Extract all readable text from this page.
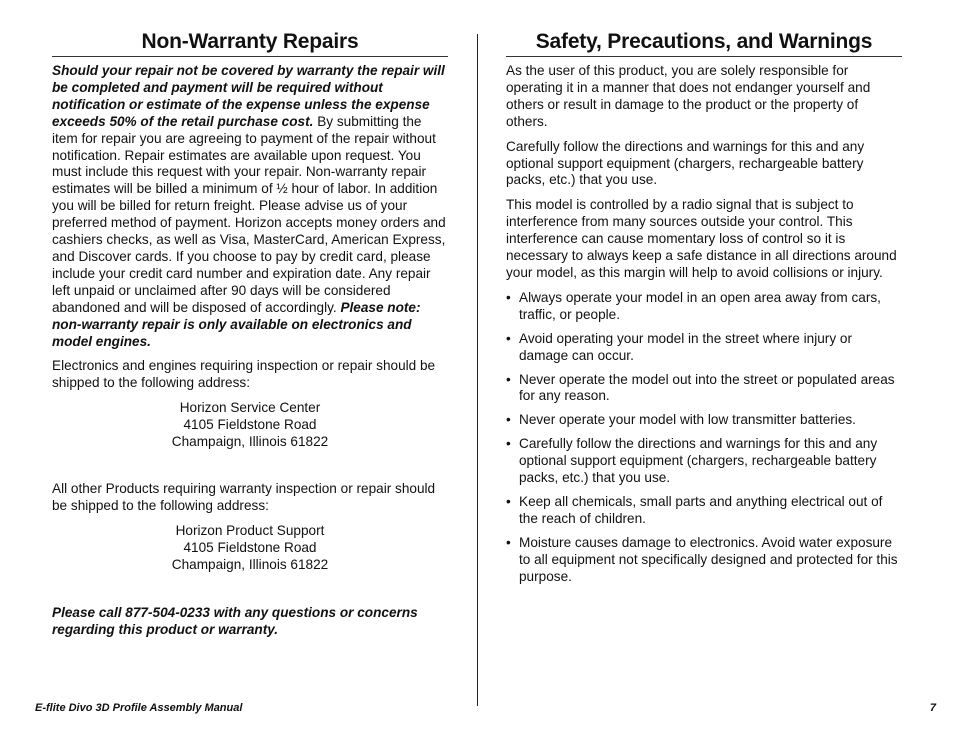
Non-Warranty Repairs

Should your repair not be covered by warranty the repair will be completed and payment will be required without notification or estimate of the expense unless the expense exceeds 50% of the retail purchase cost. By submitting the item for repair you are agreeing to payment of the repair without notification. Repair estimates are available upon request. You must include this request with your repair. Non-warranty repair estimates will be billed a minimum of ½ hour of labor. In addition you will be billed for return freight. Please advise us of your preferred method of payment. Horizon accepts money orders and cashiers checks, as well as Visa, MasterCard, American Express, and Discover cards. If you choose to pay by credit card, please include your credit card number and expiration date. Any repair left unpaid or unclaimed after 90 days will be considered abandoned and will be disposed of accordingly. Please note: non-warranty repair is only available on electronics and model engines.

Electronics and engines requiring inspection or repair should be shipped to the following address:

Horizon Service Center

4105 Fieldstone Road

Champaign, Illinois 61822

All other Products requiring warranty inspection or repair should be shipped to the following address:

Horizon Product Support

4105 Fieldstone Road

Champaign, Illinois 61822

Please call 877-504-0233 with any questions or concerns regarding this product or warranty.

Safety, Precautions, and Warnings

As the user of this product, you are solely responsible for operating it in a manner that does not endanger yourself and others or result in damage to the product or the property of others.

Carefully follow the directions and warnings for this and any optional support equipment (chargers, rechargeable battery packs, etc.) that you use.

This model is controlled by a radio signal that is subject to interference from many sources outside your control. This interference can cause momentary loss of control so it is necessary to always keep a safe distance in all directions around your model, as this margin will help to avoid collisions or injury.

• Always operate your model in an open area away from cars, traffic, or people.
• Avoid operating your model in the street where injury or damage can occur.
• Never operate the model out into the street or populated areas for any reason.
• Never operate your model with low transmitter batteries.
• Carefully follow the directions and warnings for this and any optional support equipment (chargers, rechargeable battery packs, etc.) that you use.
• Keep all chemicals, small parts and anything electrical out of the reach of children.
• Moisture causes damage to electronics. Avoid water exposure to all equipment not specifically designed and protected for this purpose.
E-flite Divo 3D Profile Assembly Manual	7
